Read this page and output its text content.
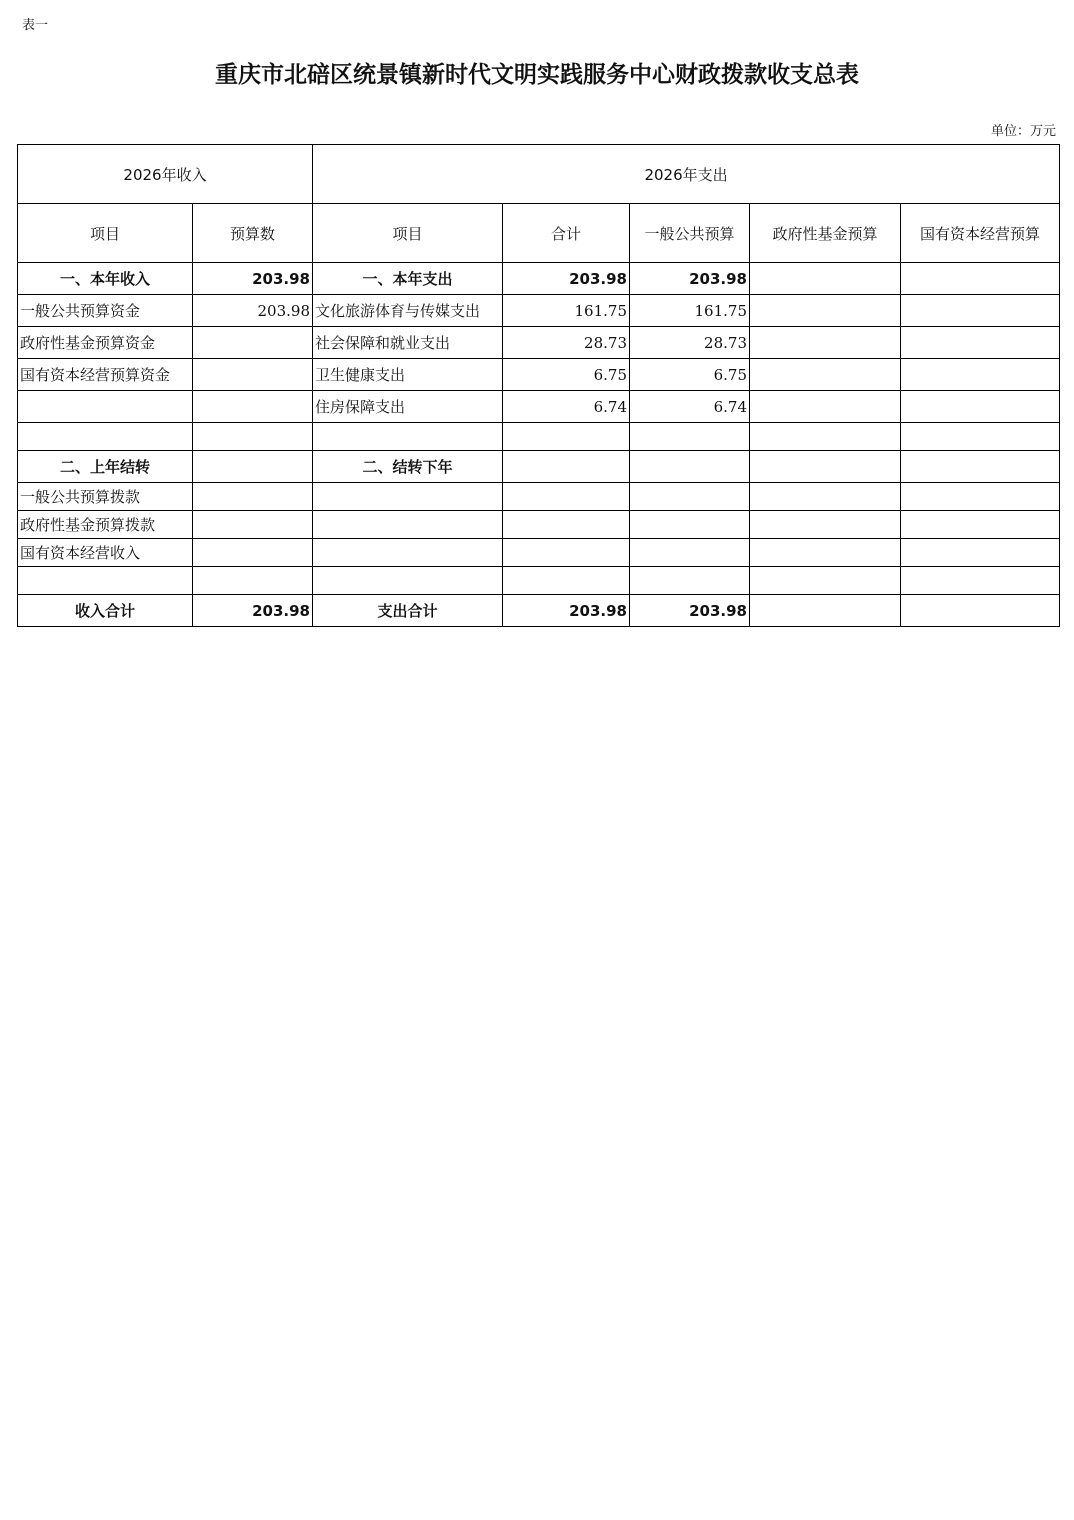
表一
重庆市北碚区统景镇新时代文明实践服务中心财政拨款收支总表
单位：万元
2026年收入		2026年支出				
项目	预算数	项目	合计	一般公共预算	政府性基金预算	国有资本经营预算
一、本年收入	203.98	一、本年支出	203.98	203.98		
一般公共预算资金	203.98	文化旅游体育与传媒支出	161.75	161.75		
政府性基金预算资金		社会保障和就业支出	28.73	28.73		
国有资本经营预算资金		卫生健康支出	6.75	6.75		
		住房保障支出	6.74	6.74		

二、上年结转		二、结转下年				
一般公共预算拨款						
政府性基金预算拨款						
国有资本经营收入						

收入合计	203.98	支出合计	203.98	203.98		
